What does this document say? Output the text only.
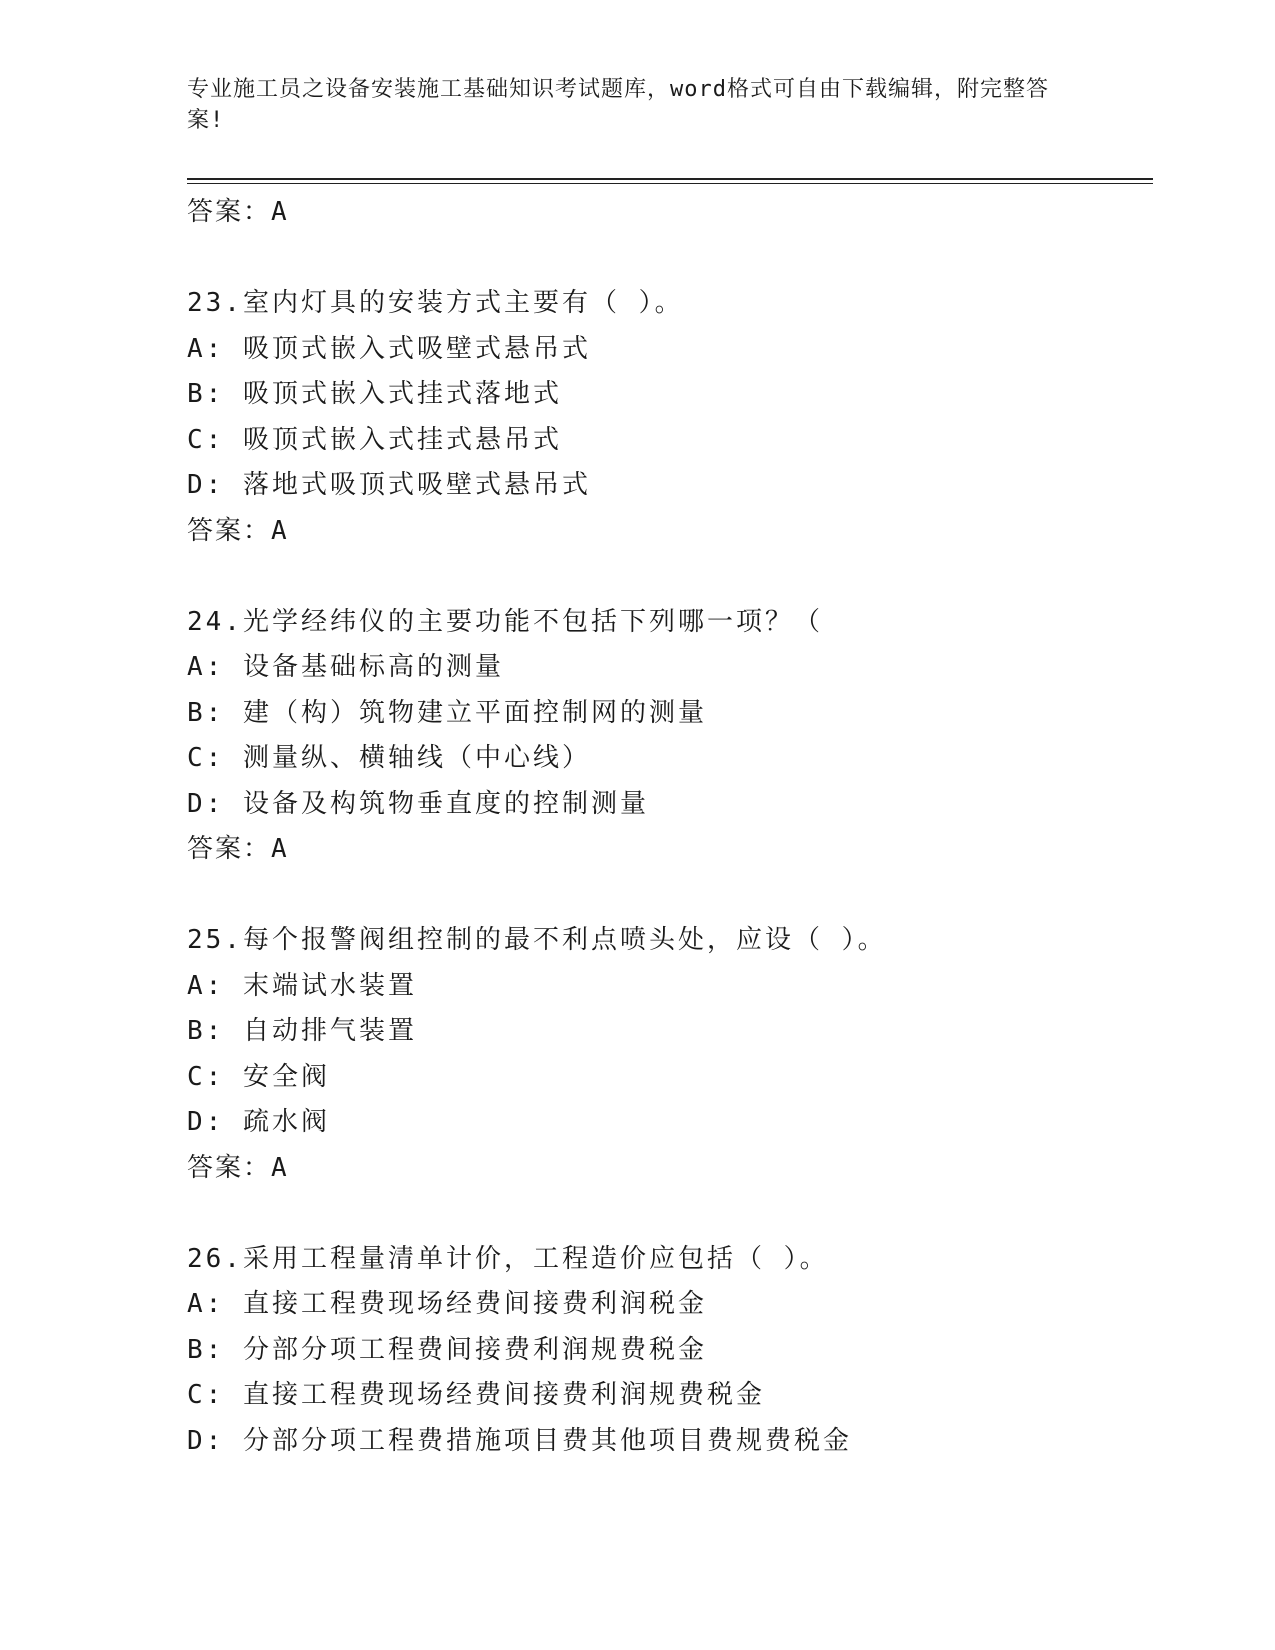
专业施工员之设备安装施工基础知识考试题库，word格式可自由下载编辑，附完整答案!
答案：A
23.室内灯具的安装方式主要有（ ）。
A: 吸顶式嵌入式吸壁式悬吊式
B: 吸顶式嵌入式挂式落地式
C: 吸顶式嵌入式挂式悬吊式
D: 落地式吸顶式吸壁式悬吊式
答案：A
24.光学经纬仪的主要功能不包括下列哪一项？（
A: 设备基础标高的测量
B: 建（构）筑物建立平面控制网的测量
C: 测量纵、横轴线（中心线）
D: 设备及构筑物垂直度的控制测量
答案：A
25.每个报警阀组控制的最不利点喷头处，应设（ ）。
A: 末端试水装置
B: 自动排气装置
C: 安全阀
D: 疏水阀
答案：A
26.采用工程量清单计价，工程造价应包括（ ）。
A: 直接工程费现场经费间接费利润税金
B: 分部分项工程费间接费利润规费税金
C: 直接工程费现场经费间接费利润规费税金
D: 分部分项工程费措施项目费其他项目费规费税金
